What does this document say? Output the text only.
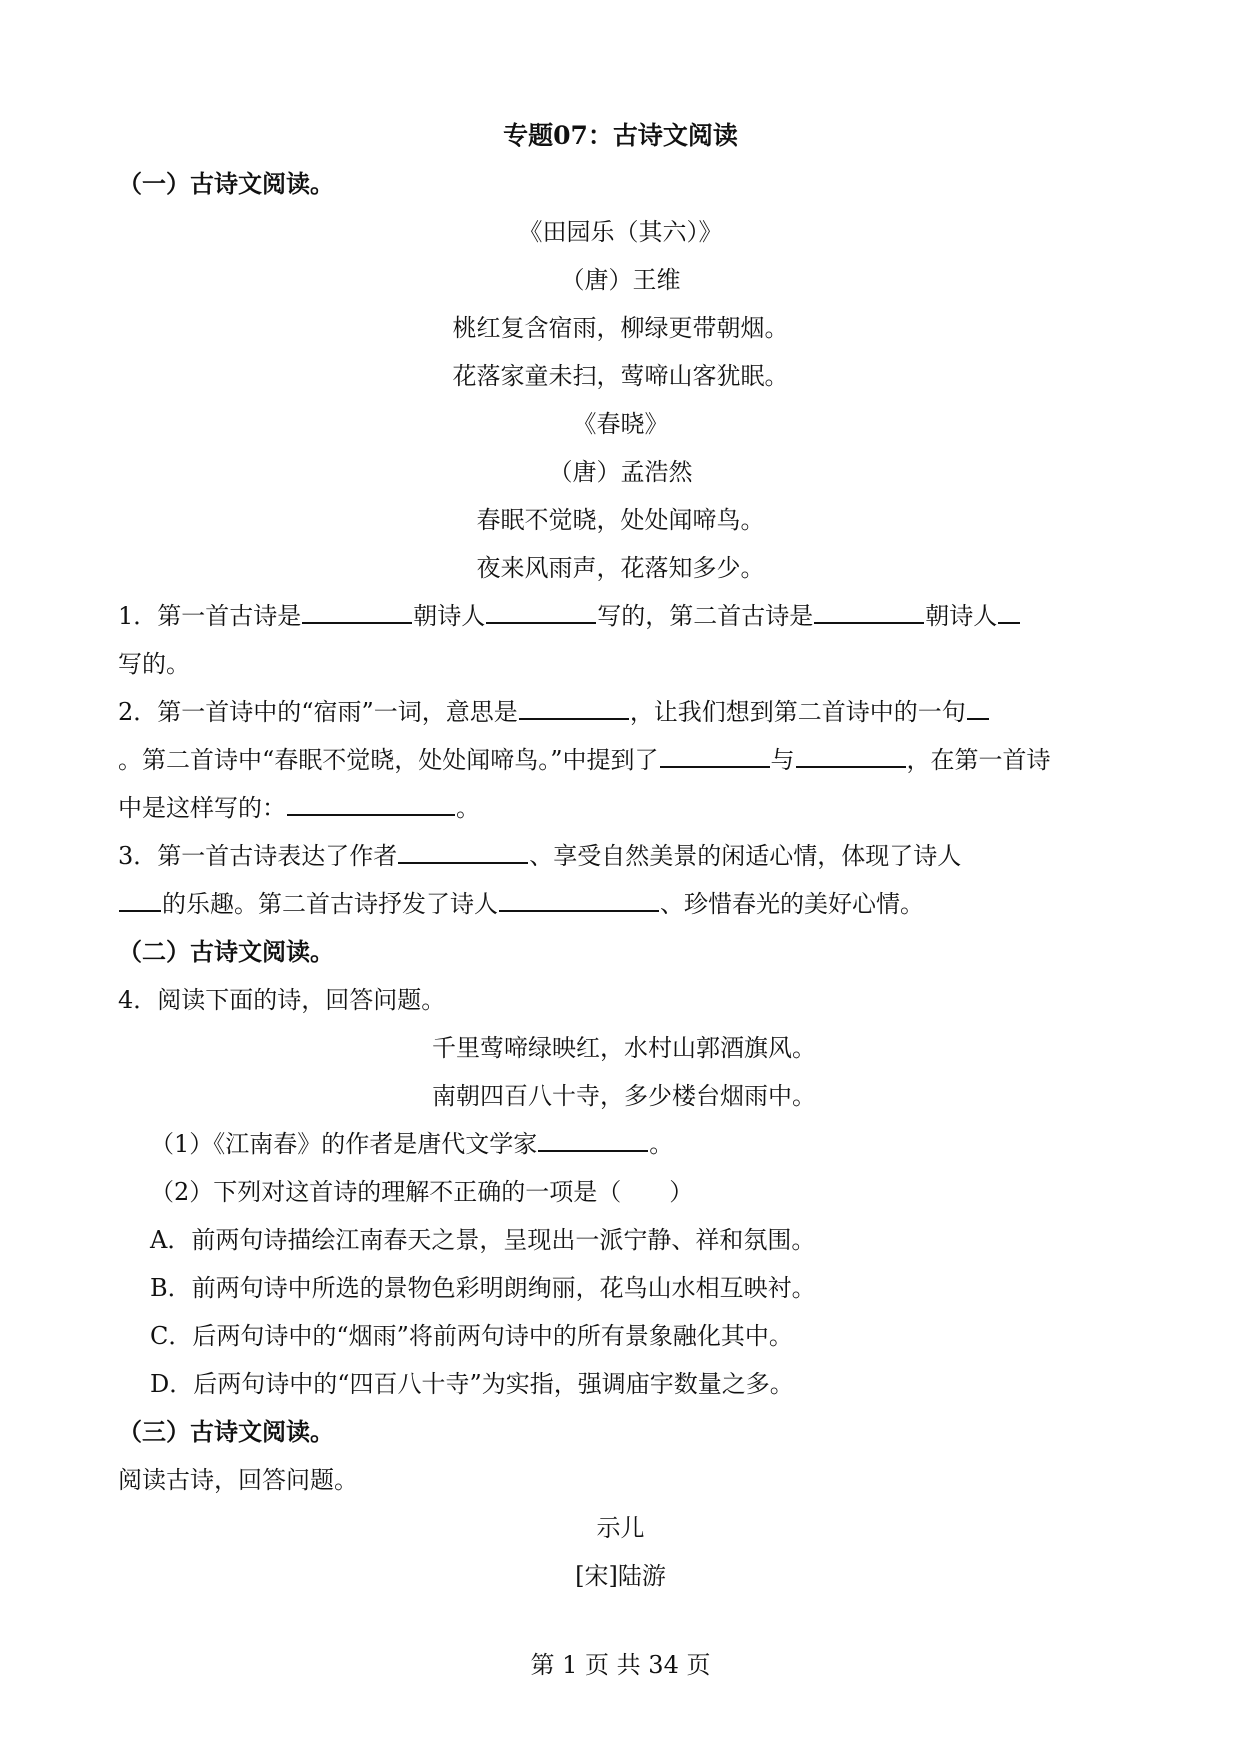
专题07：古诗文阅读
（一）古诗文阅读。
《田园乐（其六）》
（唐）王维
桃红复含宿雨，柳绿更带朝烟。
花落家童未扫，莺啼山客犹眠。
《春晓》
（唐）孟浩然
春眠不觉晓，处处闻啼鸟。
夜来风雨声，花落知多少。
1．第一首古诗是	朝诗人	写的，第二首古诗是	朝诗人
写的。
2．第一首诗中的“宿雨”一词，意思是	，让我们想到第二首诗中的一句
。第二首诗中“春眠不觉晓，处处闻啼鸟。”中提到了	与	，在第一首诗
中是这样写的：	。
3．第一首古诗表达了作者	、享受自然美景的闲适心情，体现了诗人
的乐趣。第二首古诗抒发了诗人	、珍惜春光的美好心情。
（二）古诗文阅读。
4．阅读下面的诗，回答问题。
千里莺啼绿映红，水村山郭酒旗风。
南朝四百八十寺，多少楼台烟雨中。
（1）《江南春》的作者是唐代文学家	。
（2）下列对这首诗的理解不正确的一项是（　　）
A．前两句诗描绘江南春天之景，呈现出一派宁静、祥和氛围。
B．前两句诗中所选的景物色彩明朗绚丽，花鸟山水相互映衬。
C．后两句诗中的“烟雨”将前两句诗中的所有景象融化其中。
D．后两句诗中的“四百八十寺”为实指，强调庙宇数量之多。
（三）古诗文阅读。
阅读古诗，回答问题。
示儿
[宋]陆游
第 1 页 共 34 页
